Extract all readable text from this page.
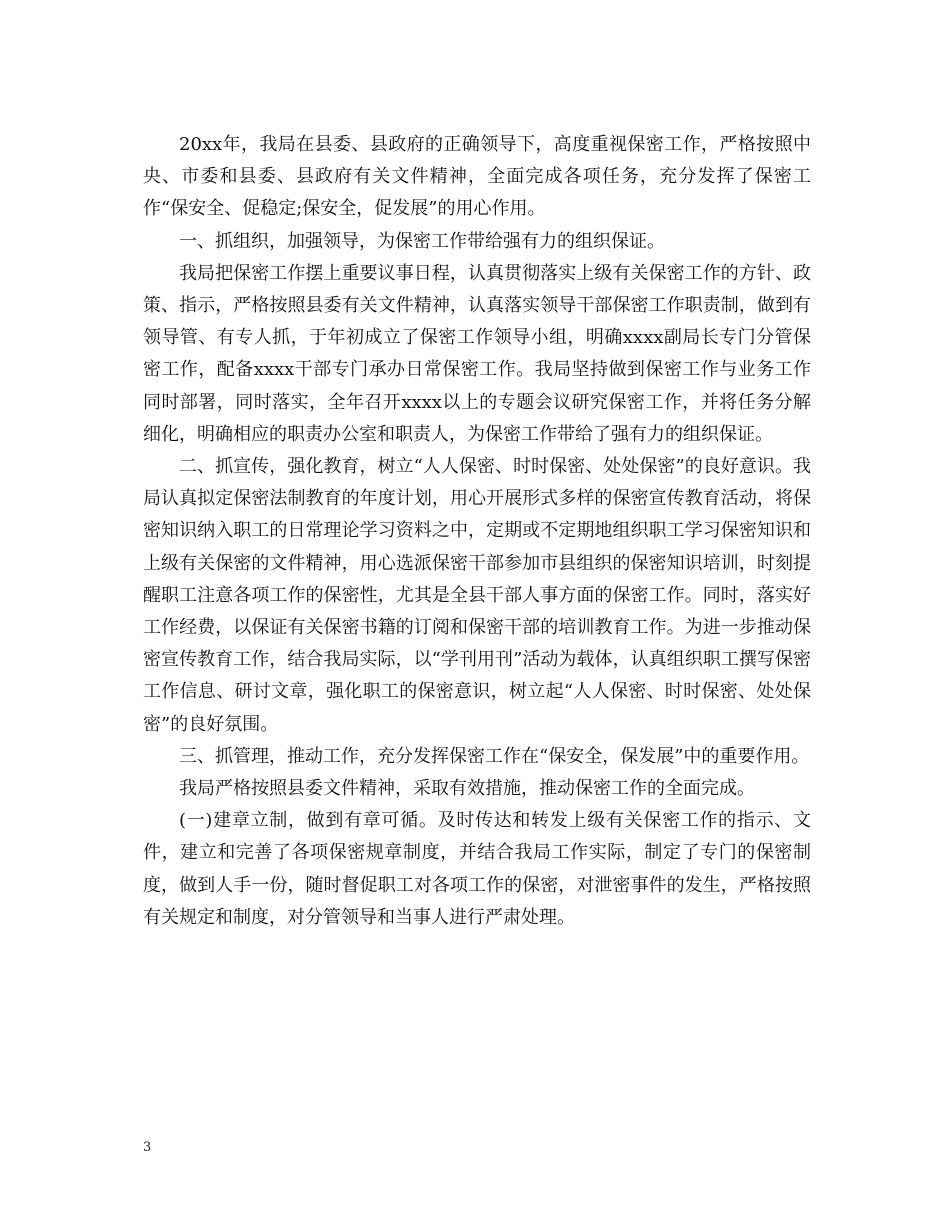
20xx年，我局在县委、县政府的正确领导下，高度重视保密工作，严格按照中央、市委和县委、县政府有关文件精神，全面完成各项任务，充分发挥了保密工作“保安全、促稳定;保安全，促发展”的用心作用。

一、抓组织，加强领导，为保密工作带给强有力的组织保证。

我局把保密工作摆上重要议事日程，认真贯彻落实上级有关保密工作的方针、政策、指示，严格按照县委有关文件精神，认真落实领导干部保密工作职责制，做到有领导管、有专人抓，于年初成立了保密工作领导小组，明确xxxx副局长专门分管保密工作，配备xxxx干部专门承办日常保密工作。我局坚持做到保密工作与业务工作同时部署，同时落实，全年召开xxxx以上的专题会议研究保密工作，并将任务分解细化，明确相应的职责办公室和职责人，为保密工作带给了强有力的组织保证。

二、抓宣传，强化教育，树立“人人保密、时时保密、处处保密”的良好意识。我局认真拟定保密法制教育的年度计划，用心开展形式多样的保密宣传教育活动，将保密知识纳入职工的日常理论学习资料之中，定期或不定期地组织职工学习保密知识和上级有关保密的文件精神，用心选派保密干部参加市县组织的保密知识培训，时刻提醒职工注意各项工作的保密性，尤其是全县干部人事方面的保密工作。同时，落实好工作经费，以保证有关保密书籍的订阅和保密干部的培训教育工作。为进一步推动保密宣传教育工作，结合我局实际，以“学刊用刊”活动为载体，认真组织职工撰写保密工作信息、研讨文章，强化职工的保密意识，树立起“人人保密、时时保密、处处保密”的良好氛围。

三、抓管理，推动工作，充分发挥保密工作在“保安全，保发展”中的重要作用。

我局严格按照县委文件精神，采取有效措施，推动保密工作的全面完成。

(一)建章立制，做到有章可循。及时传达和转发上级有关保密工作的指示、文件，建立和完善了各项保密规章制度，并结合我局工作实际，制定了专门的保密制度，做到人手一份，随时督促职工对各项工作的保密，对泄密事件的发生，严格按照有关规定和制度，对分管领导和当事人进行严肃处理。

3
